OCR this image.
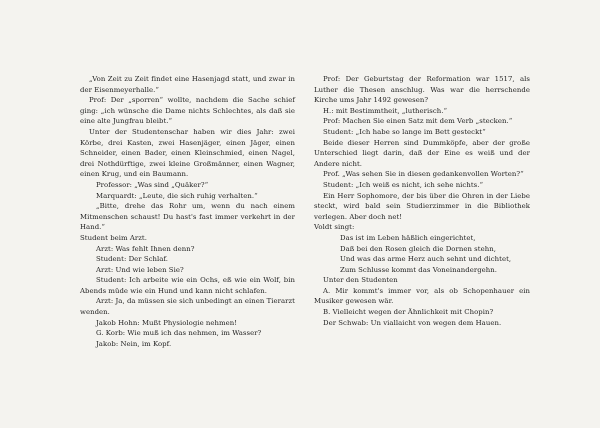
„Von Zeit zu Zeit findet eine Hasenjagd statt, und zwar in der Eisenmeyerhalle.“

Prof: Der „sporren“ wollte, nachdem die Sache schief ging: „ich wünsche die Dame nichts Schlechtes, als daß sie eine alte Jungfrau bleibt.“

Unter der Studentenschar haben wir dies Jahr: zwei Körbe, drei Kasten, zwei Hasenjäger, einen Jäger, einen Schneider, einen Bader, einen Kleinschmied, einen Nagel, drei Nothdürftige, zwei kleine Großmänner, einen Wagner, einen Krug, und ein Baumann.

Professor: „Was sind „Quäker?“

Marquardt: „Leute, die sich ruhig verhalten.“

„Bitte, drehe das Rohr um, wenn du nach einem Mitmenschen schaust! Du hast's fast immer verkehrt in der Hand.“

Student beim Arzt.

Arzt: Was fehlt Ihnen denn?

Student: Der Schlaf.

Arzt: Und wie leben Sie?

Student: Ich arbeite wie ein Ochs, eß wie ein Wolf, bin Abends müde wie ein Hund und kann nicht schlafen.

Arzt: Ja, da müssen sie sich unbedingt an einen Tierarzt wenden.

Jakob Hohn: Mußt Physiologie nehmen!

G. Korb: Wie muß ich das nehmen, im Wasser?

Jakob: Nein, im Kopf.

Prof: Der Geburtstag der Reformation war 1517, als Luther die Thesen anschlug. Was war die herrschende Kirche ums Jahr 1492 gewesen?

H.: mit Bestimmtheit, „lutherisch.“

Prof: Machen Sie einen Satz mit dem Verb „stecken.“

Student: „Ich habe so lange im Bett gesteckt“

Beide dieser Herren sind Dummköpfe, aber der große Unterschied liegt darin, daß der Eine es weiß und der Andere nicht.

Prof. „Was sehen Sie in diesen gedankenvollen Worten?“

Student: „Ich weiß es nicht, ich sehe nichts.“

Ein Herr Sophomore, der bis über die Ohren in der Liebe steckt, wird bald sein Studierzimmer in die Bibliothek verlegen. Aber doch net!

Voldt singt:

Das ist im Leben häßlich eingerichtet,

Daß bei den Rosen gleich die Dornen stehn,

Und was das arme Herz auch sehnt und dichtet,

Zum Schlusse kommt das Voneinandergehn.

Unter den Studenten

A. Mir kommt's immer vor, als ob Schopenhauer ein Musiker gewesen wär.

B. Vielleicht wegen der Ähnlichkeit mit Chopin?

Der Schwab: Un viallaicht von wegen dem Hauen.
